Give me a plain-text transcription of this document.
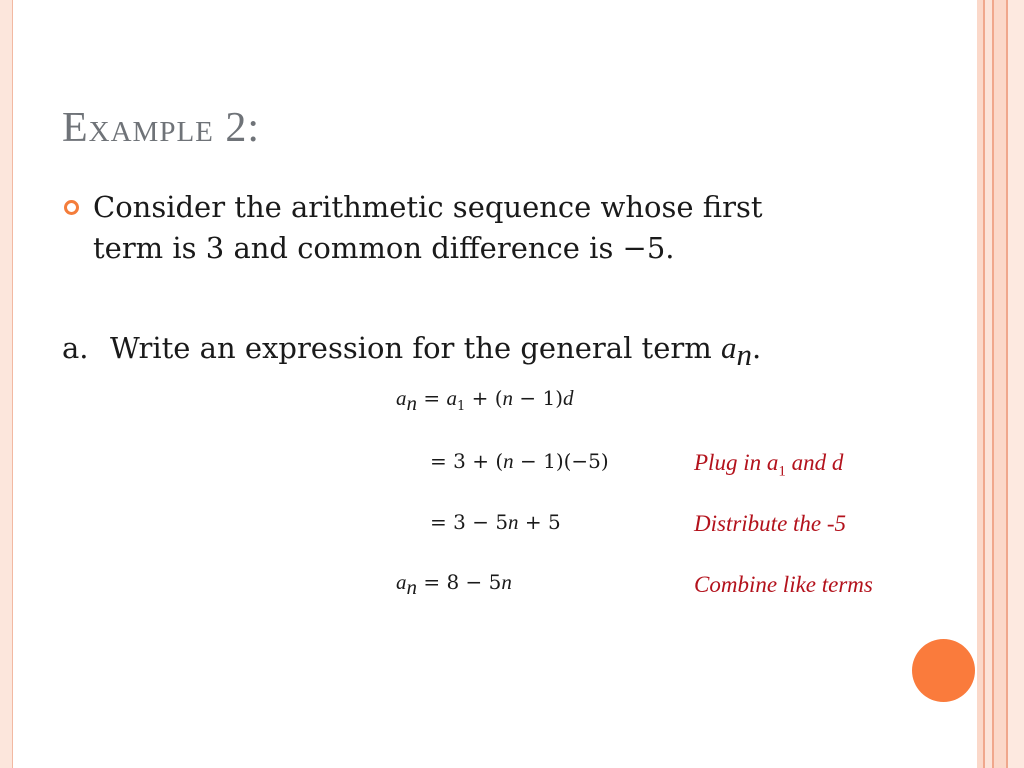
Example 2:
Consider the arithmetic sequence whose first
term is 3 and common difference is −5.
a. Write an expression for the general term $a_n$.
$a_n = a_1 + (n - 1)d$
= 3 + (n − 1)(−5)
= 3 − 5n + 5
$a_n = 8 - 5n$
Plug in $a_1$ and d
Distribute the -5
Combine like terms
